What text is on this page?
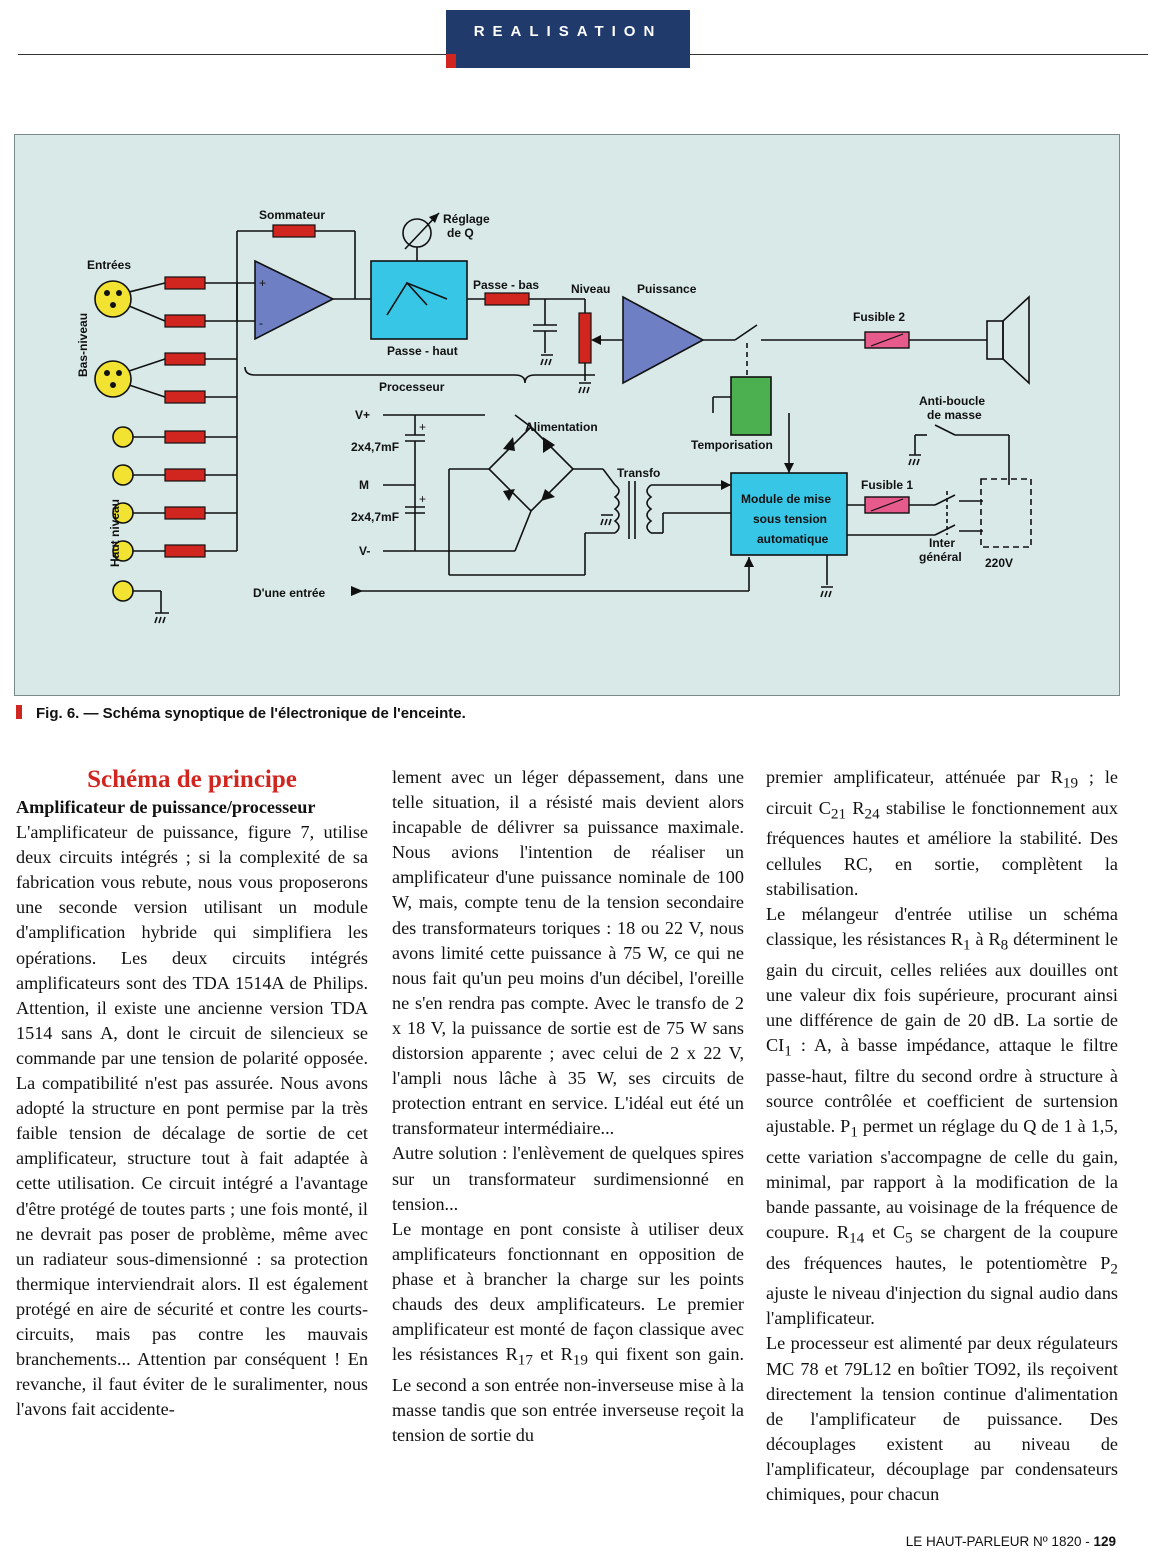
REALISATION
+
-
+
+
Entrées
Bas-niveau
Haut niveau
Sommateur	Réglage
de Q
Passe - haut
Passe - bas	Niveau Puissance
Fusible 2
Processeur
Temporisation
Anti-boucle
de masse
V+
2x4,7mF
M
2x4,7mF
V-
Alimentation
Transfo
Module de mise
sous tension
automatique
Fusible 1
Inter
général 220V
D'une entrée
Fig. 6. — Schéma synoptique de l'électronique de l'enceinte.

Schéma de principe

Amplificateur de puissance/processeur

L'amplificateur de puissance, figure 7, utilise deux circuits intégrés ; si la complexité de sa fabrication vous rebute, nous vous proposerons une seconde version utilisant un module d'amplification hybride qui simplifiera les opérations. Les deux circuits intégrés amplificateurs sont des TDA 1514A de Philips. Attention, il existe une ancienne version TDA 1514 sans A, dont le circuit de silencieux se commande par une tension de polarité opposée. La compatibilité n'est pas assurée. Nous avons adopté la structure en pont permise par la très faible tension de décalage de sortie de cet amplificateur, structure tout à fait adaptée à cette utilisation. Ce circuit intégré a l'avantage d'être protégé de toutes parts ; une fois monté, il ne devrait pas poser de problème, même avec un radiateur sous-dimensionné : sa protection thermique interviendrait alors. Il est également protégé en aire de sécurité et contre les courts-circuits, mais pas contre les mauvais branchements... Attention par conséquent ! En revanche, il faut éviter de le suralimenter, nous l'avons fait accidente-

lement avec un léger dépassement, dans une telle situation, il a résisté mais devient alors incapable de délivrer sa puissance maximale. Nous avions l'intention de réaliser un amplificateur d'une puissance nominale de 100 W, mais, compte tenu de la tension secondaire des transformateurs toriques : 18 ou 22 V, nous avons limité cette puissance à 75 W, ce qui ne nous fait qu'un peu moins d'un décibel, l'oreille ne s'en rendra pas compte. Avec le transfo de 2 x 18 V, la puissance de sortie est de 75 W sans distorsion apparente ; avec celui de 2 x 22 V, l'ampli nous lâche à 35 W, ses circuits de protection entrant en service. L'idéal eut été un transformateur intermédiaire...

Autre solution : l'enlèvement de quelques spires sur un transformateur surdimensionné en tension...

Le montage en pont consiste à utiliser deux amplificateurs fonctionnant en opposition de phase et à brancher la charge sur les points chauds des deux amplificateurs. Le premier amplificateur est monté de façon classique avec les résistances $R_{17}$ et $R_{19}$ qui fixent son gain. Le second a son entrée non-inverseuse mise à la masse tandis que son entrée inverseuse reçoit la tension de sortie du

premier amplificateur, atténuée par $R_{19}$ ; le circuit $C_{21}$ $R_{24}$ stabilise le fonctionnement aux fréquences hautes et améliore la stabilité. Des cellules RC, en sortie, complètent la stabilisation.

Le mélangeur d'entrée utilise un schéma classique, les résistances $R_1$ à $R_8$ déterminent le gain du circuit, celles reliées aux douilles ont une valeur dix fois supérieure, procurant ainsi une différence de gain de 20 dB. La sortie de $CI_1$ : A, à basse impédance, attaque le filtre passe-haut, filtre du second ordre à structure à source contrôlée et coefficient de surtension ajustable. $P_1$ permet un réglage du Q de 1 à 1,5, cette variation s'accompagne de celle du gain, minimal, par rapport à la modification de la bande passante, au voisinage de la fréquence de coupure. $R_{14}$ et $C_5$ se chargent de la coupure des fréquences hautes, le potentiomètre $P_2$ ajuste le niveau d'injection du signal audio dans l'amplificateur.

Le processeur est alimenté par deux régulateurs MC 78 et 79L12 en boîtier TO92, ils reçoivent directement la tension continue d'alimentation de l'amplificateur de puissance. Des découplages existent au niveau de l'amplificateur, découplage par condensateurs chimiques, pour chacun

LE HAUT-PARLEUR Nº 1820 - 129
